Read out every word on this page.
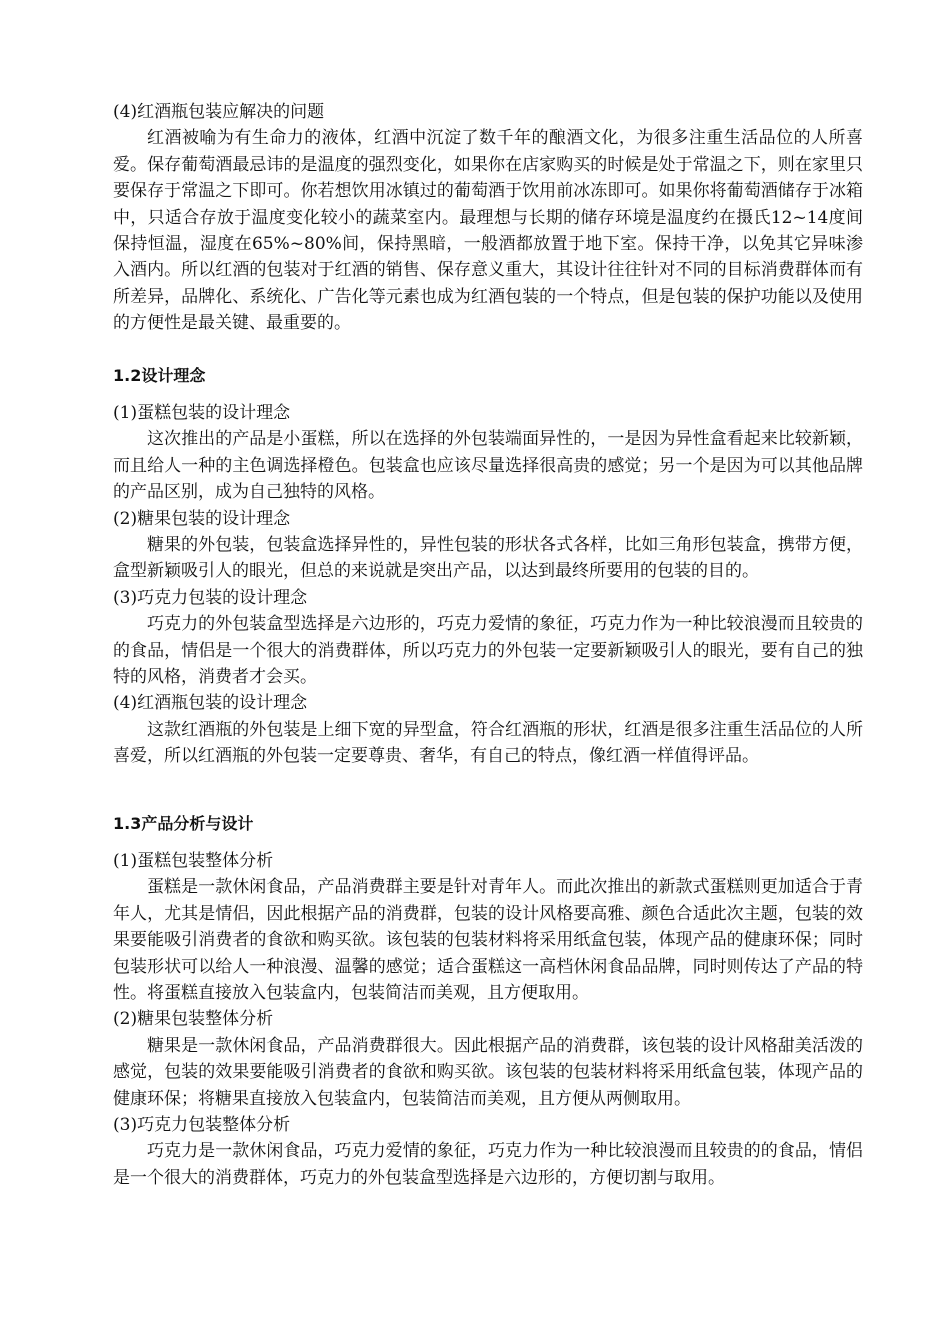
(4)红酒瓶包装应解决的问题

红酒被喻为有生命力的液体，红酒中沉淀了数千年的酿酒文化，为很多注重生活品位的人所喜爱。保存葡萄酒最忌讳的是温度的强烈变化，如果你在店家购买的时候是处于常温之下，则在家里只要保存于常温之下即可。你若想饮用冰镇过的葡萄酒于饮用前冰冻即可。如果你将葡萄酒储存于冰箱中，只适合存放于温度变化较小的蔬菜室内。最理想与长期的储存环境是温度约在摄氏12~14度间保持恒温，湿度在65%~80%间，保持黑暗，一般酒都放置于地下室。保持干净，以免其它异味渗入酒内。所以红酒的包装对于红酒的销售、保存意义重大，其设计往往针对不同的目标消费群体而有所差异，品牌化、系统化、广告化等元素也成为红酒包装的一个特点，但是包装的保护功能以及使用的方便性是最关键、最重要的。

1.2设计理念

(1)蛋糕包装的设计理念

这次推出的产品是小蛋糕，所以在选择的外包装端面异性的，一是因为异性盒看起来比较新颖，而且给人一种的主色调选择橙色。包装盒也应该尽量选择很高贵的感觉；另一个是因为可以其他品牌的产品区别，成为自己独特的风格。

(2)糖果包装的设计理念

糖果的外包装，包装盒选择异性的，异性包装的形状各式各样，比如三角形包装盒，携带方便，盒型新颖吸引人的眼光，但总的来说就是突出产品，以达到最终所要用的包装的目的。

(3)巧克力包装的设计理念

巧克力的外包装盒型选择是六边形的，巧克力爱情的象征，巧克力作为一种比较浪漫而且较贵的的食品，情侣是一个很大的消费群体，所以巧克力的外包装一定要新颖吸引人的眼光，要有自己的独特的风格，消费者才会买。

(4)红酒瓶包装的设计理念

这款红酒瓶的外包装是上细下宽的异型盒，符合红酒瓶的形状，红酒是很多注重生活品位的人所喜爱，所以红酒瓶的外包装一定要尊贵、奢华，有自己的特点，像红酒一样值得评品。

1.3产品分析与设计

(1)蛋糕包装整体分析

蛋糕是一款休闲食品，产品消费群主要是针对青年人。而此次推出的新款式蛋糕则更加适合于青年人，尤其是情侣，因此根据产品的消费群，包装的设计风格要高雅、颜色合适此次主题，包装的效果要能吸引消费者的食欲和购买欲。该包装的包装材料将采用纸盒包装，体现产品的健康环保；同时包装形状可以给人一种浪漫、温馨的感觉；适合蛋糕这一高档休闲食品品牌，同时则传达了产品的特性。将蛋糕直接放入包装盒内，包装简洁而美观，且方便取用。

(2)糖果包装整体分析

糖果是一款休闲食品，产品消费群很大。因此根据产品的消费群，该包装的设计风格甜美活泼的感觉，包装的效果要能吸引消费者的食欲和购买欲。该包装的包装材料将采用纸盒包装，体现产品的健康环保；将糖果直接放入包装盒内，包装简洁而美观，且方便从两侧取用。

(3)巧克力包装整体分析

巧克力是一款休闲食品，巧克力爱情的象征，巧克力作为一种比较浪漫而且较贵的的食品，情侣是一个很大的消费群体，巧克力的外包装盒型选择是六边形的，方便切割与取用。
